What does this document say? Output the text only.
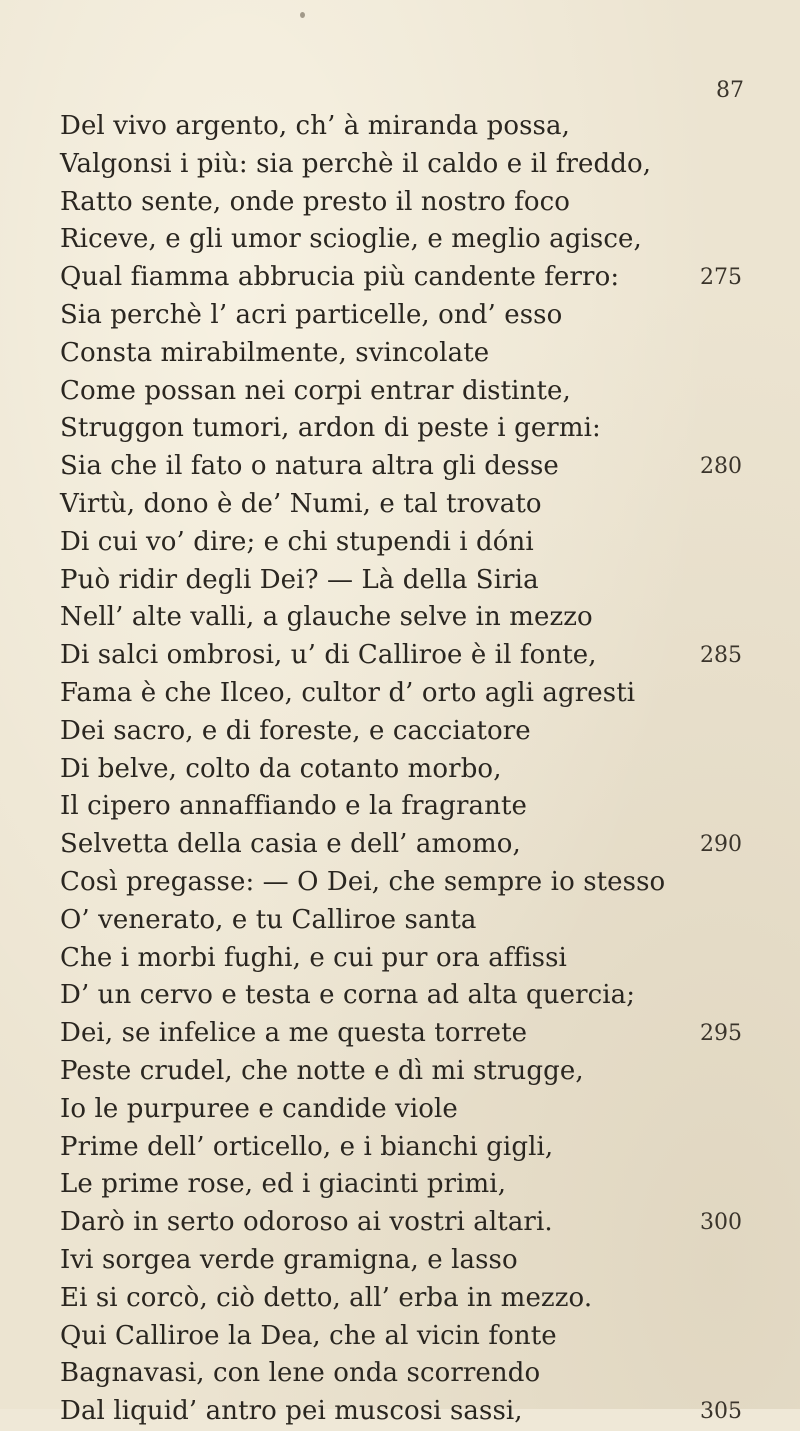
87
Del vivo argento, ch’ à miranda possa,
Valgonsi i più: sia perchè il caldo e il freddo,
Ratto sente, onde presto il nostro foco
Riceve, e gli umor scioglie, e meglio agisce,
Qual fiamma abbrucia più candente ferro:
Sia perchè l’ acri particelle, ond’ esso
Consta mirabilmente, svincolate
Come possan nei corpi entrar distinte,
Struggon tumori, ardon di peste i germi:
Sia che il fato o natura altra gli desse
Virtù, dono è de’ Numi, e tal trovato
Di cui vo’ dire; e chi stupendi i dóni
Può ridir degli Dei? — Là della Siria
Nell’ alte valli, a glauche selve in mezzo
Di salci ombrosi, u’ di Calliroe è il fonte,
Fama è che Ilceo, cultor d’ orto agli agresti
Dei sacro, e di foreste, e cacciatore
Di belve, colto da cotanto morbo,
Il cipero annaffiando e la fragrante
Selvetta della casia e dell’ amomo,
Così pregasse: — O Dei, che sempre io stesso
O’ venerato, e tu Calliroe santa
Che i morbi fughi, e cui pur ora affissi
D’ un cervo e testa e corna ad alta quercia;
Dei, se infelice a me questa torrete
Peste crudel, che notte e dì mi strugge,
Io le purpuree e candide viole
Prime dell’ orticello, e i bianchi gigli,
Le prime rose, ed i giacinti primi,
Darò in serto odoroso ai vostri altari.
Ivi sorgea verde gramigna, e lasso
Ei si corcò, ciò detto, all’ erba in mezzo.
Qui Calliroe la Dea, che al vicin fonte
Bagnavasi, con lene onda scorrendo
Dal liquid’ antro pei muscosi sassi,
275
280
285
290
295
300
305
